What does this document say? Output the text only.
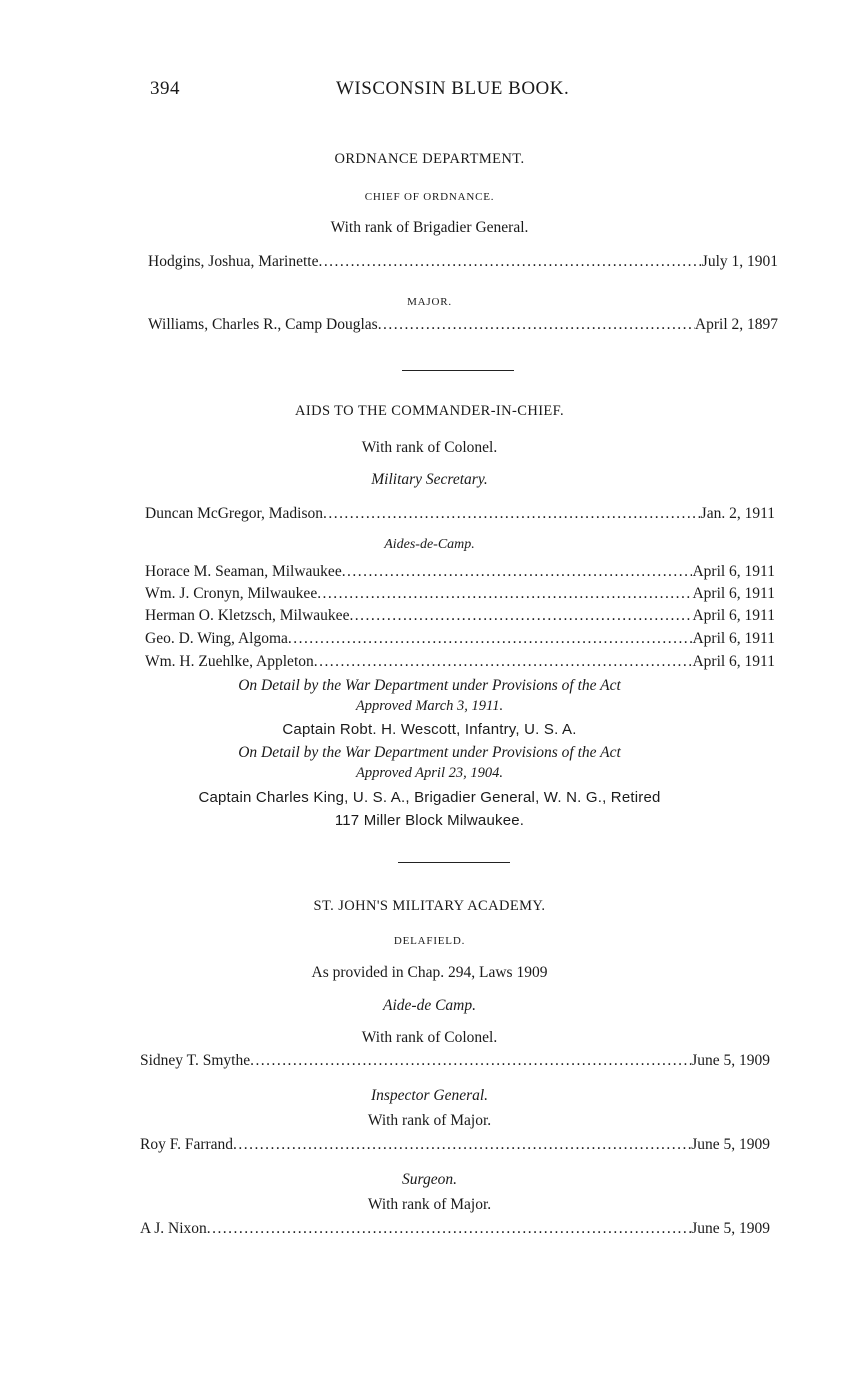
394	WISCONSIN BLUE BOOK.
ORDNANCE DEPARTMENT.
CHIEF OF ORDNANCE.
With rank of Brigadier General.
Hodgins, Joshua, Marinette . . .	July 1, 1901
MAJOR.
Williams, Charles R., Camp Douglas . . .	April 2, 1897
AIDS TO THE COMMANDER-IN-CHIEF.
With rank of Colonel.
Military Secretary.
Duncan McGregor, Madison . . .	Jan. 2, 1911
Aides-de-Camp.
Horace M. Seaman, Milwaukee . . .	April 6, 1911
Wm. J. Cronyn, Milwaukee . . .	April 6, 1911
Herman O. Kletzsch, Milwaukee . . .	April 6, 1911
Geo. D. Wing, Algoma . . .	April 6, 1911
Wm. H. Zuehlke, Appleton . . .	April 6, 1911
On Detail by the War Department under Provisions of the Act
Approved March 3, 1911.
Captain Robt. H. Wescott, Infantry, U. S. A.
On Detail by the War Department under Provisions of the Act
Approved April 23, 1904.
Captain Charles King, U. S. A., Brigadier General, W. N. G., Retired
117 Miller Block Milwaukee.
ST. JOHN'S MILITARY ACADEMY.
DELAFIELD.
As provided in Chap. 294, Laws 1909
Aide-de Camp.
With rank of Colonel.
Sidney T. Smythe . . .	June 5, 1909
Inspector General.
With rank of Major.
Roy F. Farrand . . .	June 5, 1909
Surgeon.
With rank of Major.
A J. Nixon . . .	June 5, 1909
